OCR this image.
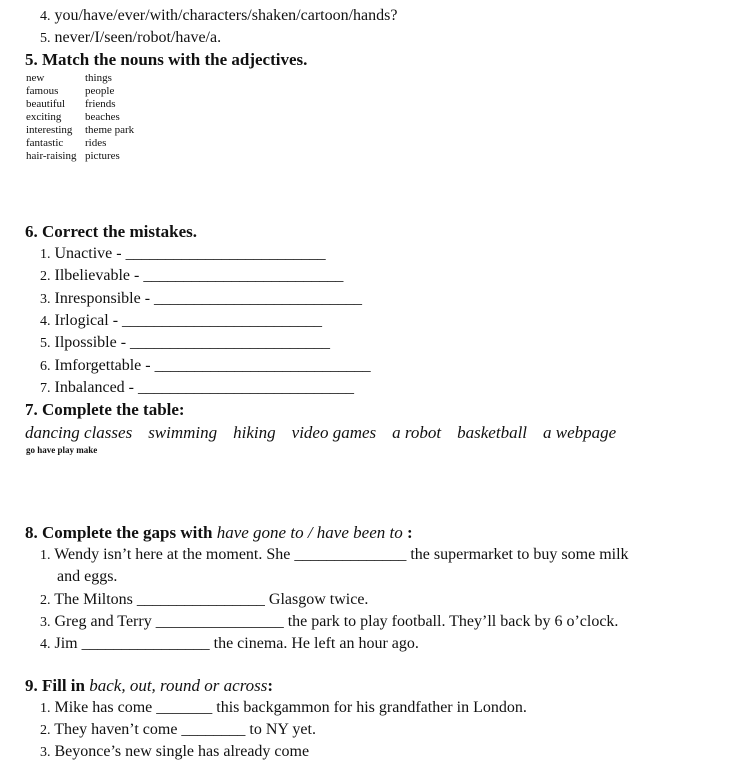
4. you/have/ever/with/characters/shaken/cartoon/hands?
5. never/I/seen/robot/have/a.
5. Match the nouns with the adjectives.
new
famous
beautiful
exciting
interesting
fantastic
hair-raising
things
people
friends
beaches
theme park
rides
pictures
6. Correct the mistakes.
1. Unactive - _________________________
2. Ilbelievable - _________________________
3. Inresponsible - __________________________
4. Irlogical - _________________________
5. Ilpossible - _________________________
6. Imforgettable - ___________________________
7. Inbalanced - ___________________________
7. Complete the table:
dancing classes swimming hiking video games a robot basketball a webpage
go have play make
8. Complete the gaps with have gone to / have been to :
1. Wendy isn’t here at the moment. She ______________ the supermarket to buy some milk
and eggs.
2. The Miltons ________________ Glasgow twice.
3. Greg and Terry ________________ the park to play football. They’ll back by 6 o’clock.
4. Jim ________________ the cinema. He left an hour ago.
9. Fill in back, out, round or across:
1. Mike has come _______ this backgammon for his grandfather in London.
2. They haven’t come ________ to NY yet.
3. Beyonce’s new single has already come
